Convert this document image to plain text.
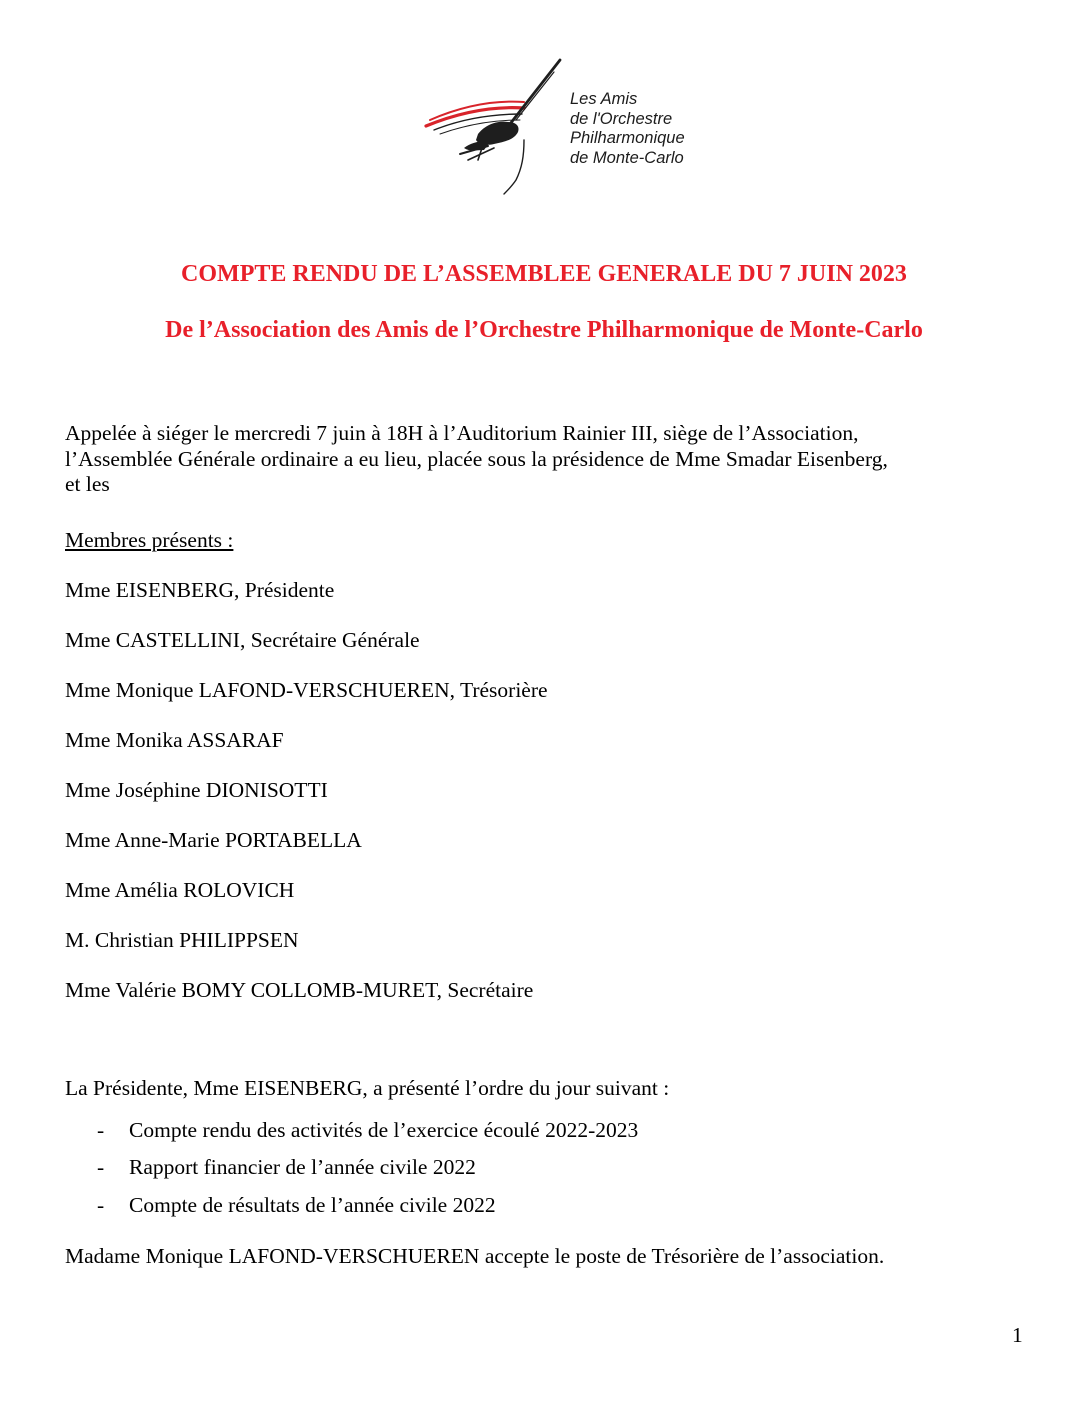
Les Amis
de l'Orchestre
Philharmonique
de Monte-Carlo
COMPTE RENDU DE L’ASSEMBLEE GENERALE DU 7 JUIN 2023
De l’Association des Amis de l’Orchestre Philharmonique de Monte-Carlo
Appelée à siéger le mercredi 7 juin à 18H à l’Auditorium Rainier III, siège de l’Association,
l’Assemblée Générale ordinaire a eu lieu, placée sous la présidence de Mme Smadar Eisenberg,
et les
Membres présents :
Mme EISENBERG, Présidente
Mme CASTELLINI, Secrétaire Générale
Mme Monique LAFOND-VERSCHUEREN, Trésorière
Mme Monika ASSARAF
Mme Joséphine DIONISOTTI
Mme Anne-Marie PORTABELLA
Mme Amélia ROLOVICH
M. Christian PHILIPPSEN
Mme Valérie BOMY COLLOMB-MURET, Secrétaire
La Présidente, Mme EISENBERG, a présenté l’ordre du jour suivant :
- Compte rendu des activités de l’exercice écoulé 2022-2023
- Rapport financier de l’année civile 2022
- Compte de résultats de l’année civile 2022
Madame Monique LAFOND-VERSCHUEREN accepte le poste de Trésorière de l’association.
1
